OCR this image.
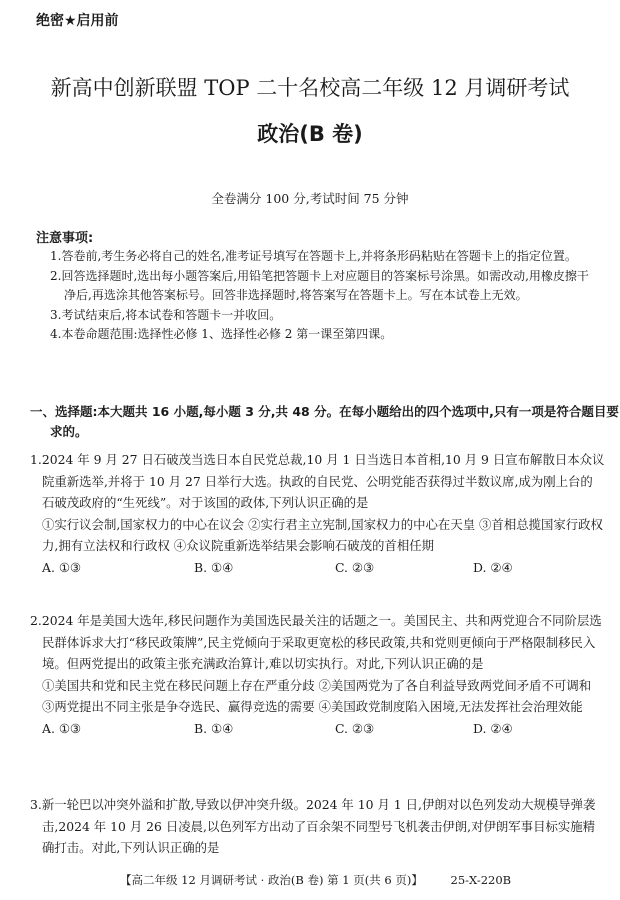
绝密★启用前
新高中创新联盟 TOP 二十名校高二年级 12 月调研考试
政治(B 卷)
全卷满分 100 分,考试时间 75 分钟
注意事项:
1.答卷前,考生务必将自己的姓名,准考证号填写在答题卡上,并将条形码粘贴在答题卡上的指定位置。
2.回答选择题时,选出每小题答案后,用铅笔把答题卡上对应题目的答案标号涂黑。如需改动,用橡皮擦干净后,再选涂其他答案标号。回答非选择题时,将答案写在答题卡上。写在本试卷上无效。
3.考试结束后,将本试卷和答题卡一并收回。
4.本卷命题范围:选择性必修 1、选择性必修 2 第一课至第四课。
一、选择题:本大题共 16 小题,每小题 3 分,共 48 分。在每小题给出的四个选项中,只有一项是符合题目要求的。
1.2024 年 9 月 27 日石破茂当选日本自民党总裁,10 月 1 日当选日本首相,10 月 9 日宣布解散日本众议院重新选举,并将于 10 月 27 日举行大选。执政的自民党、公明党能否获得过半数议席,成为刚上台的石破茂政府的“生死线”。对于该国的政体,下列认识正确的是
①实行议会制,国家权力的中心在议会 ②实行君主立宪制,国家权力的中心在天皇 ③首相总揽国家行政权力,拥有立法权和行政权 ④众议院重新选举结果会影响石破茂的首相任期
A. ①③	B. ①④	C. ②③	D. ②④
2.2024 年是美国大选年,移民问题作为美国选民最关注的话题之一。美国民主、共和两党迎合不同阶层选民群体诉求大打“移民政策牌”,民主党倾向于采取更宽松的移民政策,共和党则更倾向于严格限制移民入境。但两党提出的政策主张充满政治算计,难以切实执行。对此,下列认识正确的是
①美国共和党和民主党在移民问题上存在严重分歧 ②美国两党为了各自利益导致两党间矛盾不可调和 ③两党提出不同主张是争夺选民、赢得竞选的需要 ④美国政党制度陷入困境,无法发挥社会治理效能
A. ①③	B. ①④	C. ②③	D. ②④
3.新一轮巴以冲突外溢和扩散,导致以伊冲突升级。2024 年 10 月 1 日,伊朗对以色列发动大规模导弹袭击,2024 年 10 月 26 日凌晨,以色列军方出动了百余架不同型号飞机袭击伊朗,对伊朗军事目标实施精确打击。对此,下列认识正确的是
【高二年级 12 月调研考试 · 政治(B 卷) 第 1 页(共 6 页)】 25-X-220B
